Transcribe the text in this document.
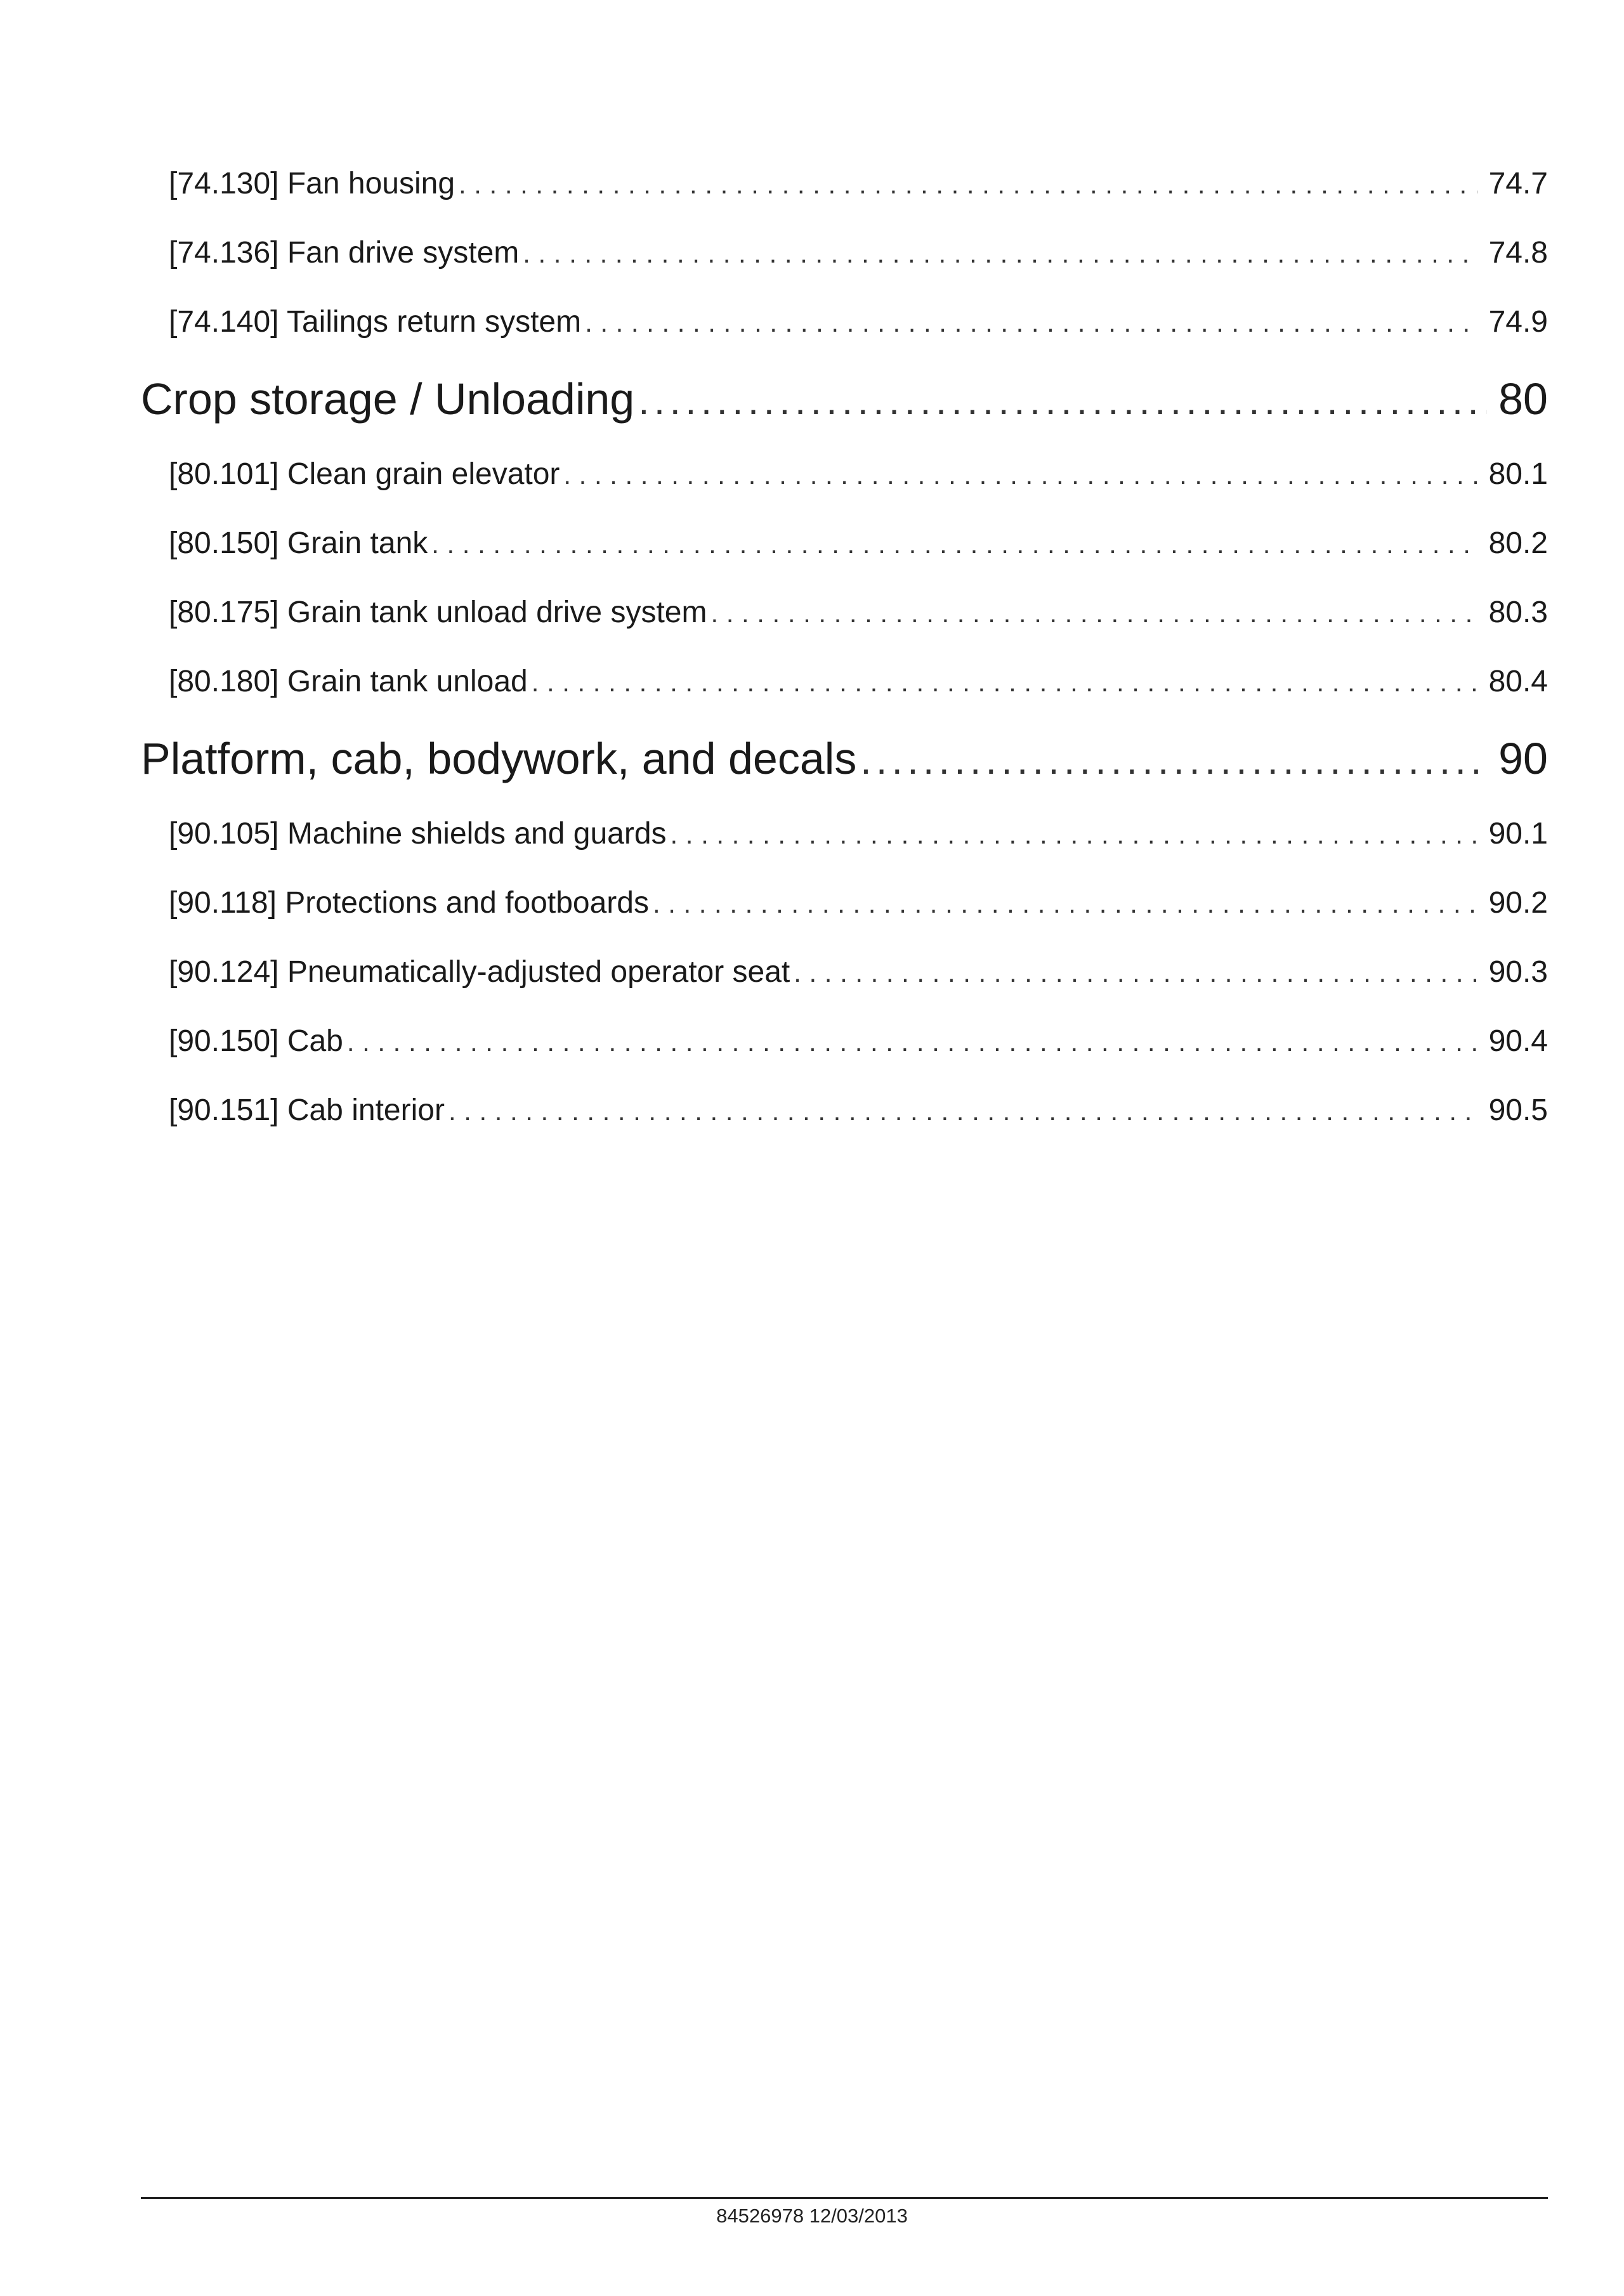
[74.130] Fan housing .....	74.7
[74.136] Fan drive system .....	74.8
[74.140] Tailings return system .....	74.9
Crop storage / Unloading .....	80
[80.101] Clean grain elevator .....	80.1
[80.150] Grain tank .....	80.2
[80.175] Grain tank unload drive system .....	80.3
[80.180] Grain tank unload .....	80.4
Platform, cab, bodywork, and decals .....	90
[90.105] Machine shields and guards .....	90.1
[90.118] Protections and footboards .....	90.2
[90.124] Pneumatically-adjusted operator seat .....	90.3
[90.150] Cab .....	90.4
[90.151] Cab interior .....	90.5
84526978 12/03/2013
